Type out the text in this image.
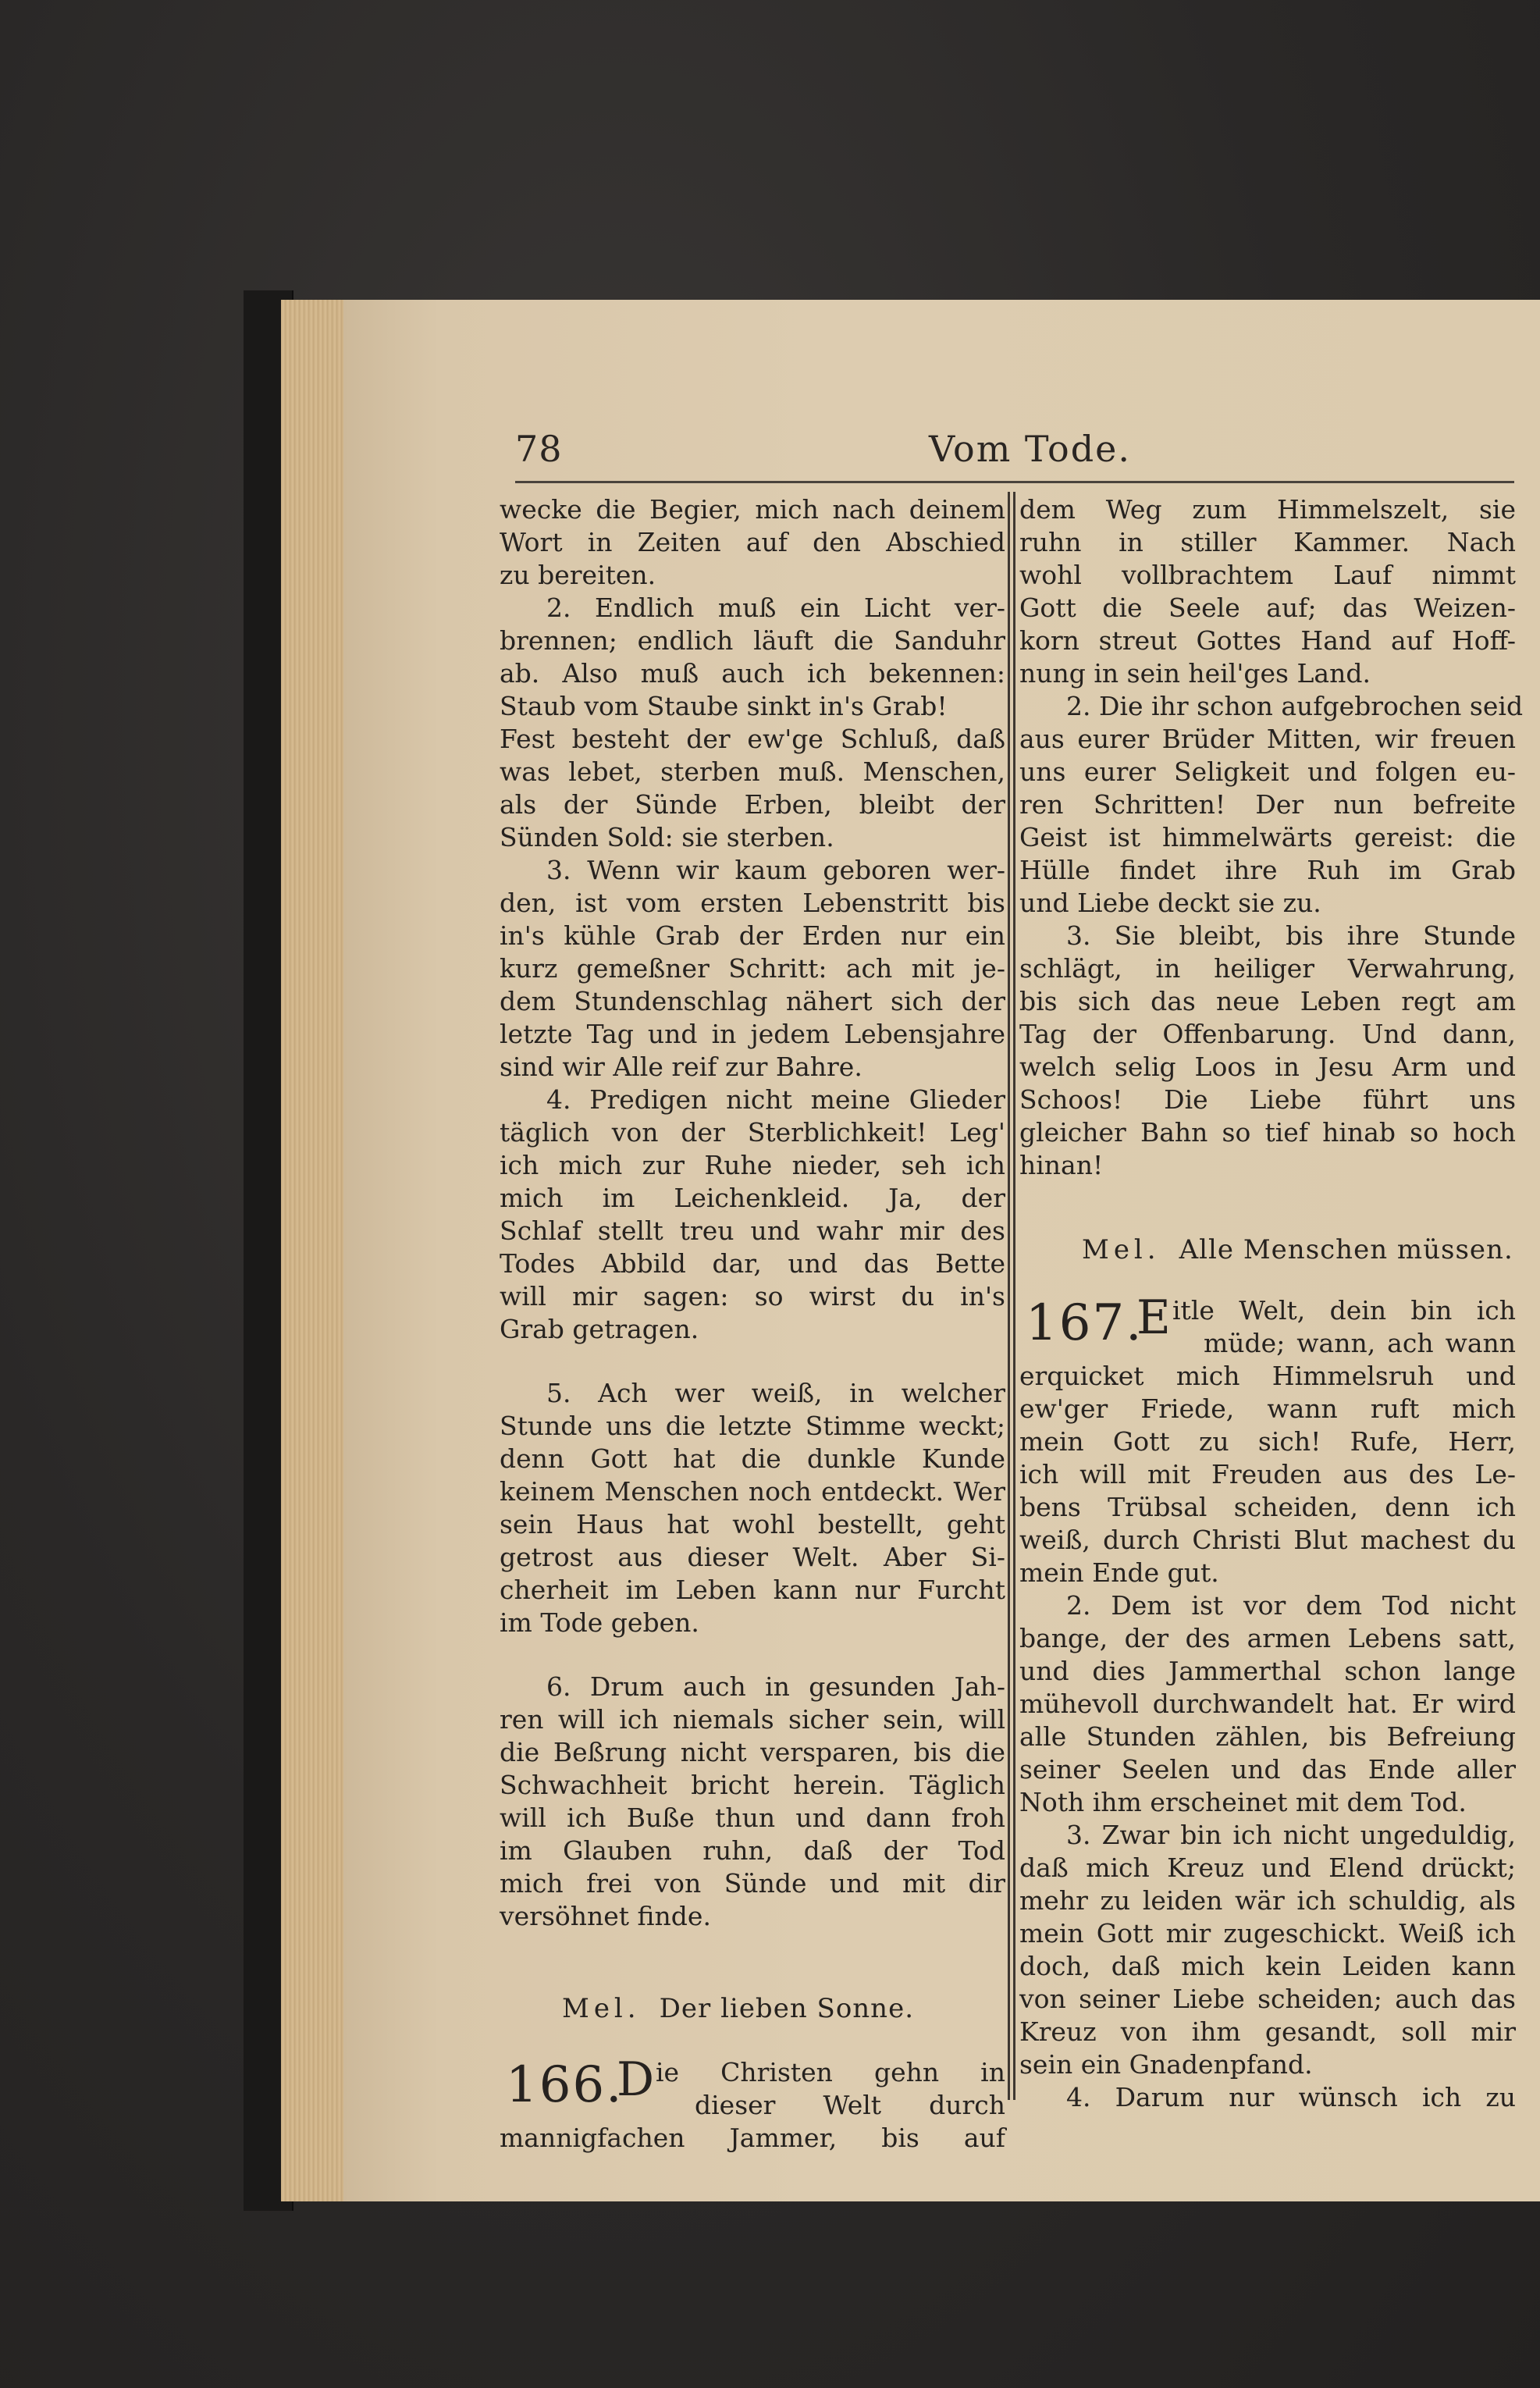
78	Vom Tode.
wecke die Begier, mich nach deinem
Wort in Zeiten auf den Abschied
zu bereiten.
2. Endlich muß ein Licht ver-
brennen; endlich läuft die Sanduhr
ab. Also muß auch ich bekennen:
Staub vom Staube sinkt in's Grab!
Fest besteht der ew'ge Schluß, daß
was lebet, sterben muß. Menschen,
als der Sünde Erben, bleibt der
Sünden Sold: sie sterben.
3. Wenn wir kaum geboren wer-
den, ist vom ersten Lebenstritt bis
in's kühle Grab der Erden nur ein
kurz gemeßner Schritt: ach mit je-
dem Stundenschlag nähert sich der
letzte Tag und in jedem Lebensjahre
sind wir Alle reif zur Bahre.
4. Predigen nicht meine Glieder
täglich von der Sterblichkeit! Leg'
ich mich zur Ruhe nieder, seh ich
mich im Leichenkleid. Ja, der
Schlaf stellt treu und wahr mir des
Todes Abbild dar, und das Bette
will mir sagen: so wirst du in's
Grab getragen.
5. Ach wer weiß, in welcher
Stunde uns die letzte Stimme weckt;
denn Gott hat die dunkle Kunde
keinem Menschen noch entdeckt. Wer
sein Haus hat wohl bestellt, geht
getrost aus dieser Welt. Aber Si-
cherheit im Leben kann nur Furcht
im Tode geben.
6. Drum auch in gesunden Jah-
ren will ich niemals sicher sein, will
die Beßrung nicht versparen, bis die
Schwachheit bricht herein. Täglich
will ich Buße thun und dann froh
im Glauben ruhn, daß der Tod
mich frei von Sünde und mit dir
versöhnet finde.
Mel. Der lieben Sonne.
166.
D ie Christen gehn in
dieser Welt durch
mannigfachen Jammer, bis auf
dem Weg zum Himmelszelt, sie
ruhn in stiller Kammer. Nach
wohl vollbrachtem Lauf nimmt
Gott die Seele auf; das Weizen-
korn streut Gottes Hand auf Hoff-
nung in sein heil'ges Land.
2. Die ihr schon aufgebrochen seid
aus eurer Brüder Mitten, wir freuen
uns eurer Seligkeit und folgen eu-
ren Schritten! Der nun befreite
Geist ist himmelwärts gereist: die
Hülle findet ihre Ruh im Grab
und Liebe deckt sie zu.
3. Sie bleibt, bis ihre Stunde
schlägt, in heiliger Verwahrung,
bis sich das neue Leben regt am
Tag der Offenbarung. Und dann,
welch selig Loos in Jesu Arm und
Schoos! Die Liebe führt uns
gleicher Bahn so tief hinab so hoch
hinan!
Mel. Alle Menschen müssen.
167.
E itle Welt, dein bin ich
müde; wann, ach wann
erquicket mich Himmelsruh und
ew'ger Friede, wann ruft mich
mein Gott zu sich! Rufe, Herr,
ich will mit Freuden aus des Le-
bens Trübsal scheiden, denn ich
weiß, durch Christi Blut machest du
mein Ende gut.
2. Dem ist vor dem Tod nicht
bange, der des armen Lebens satt,
und dies Jammerthal schon lange
mühevoll durchwandelt hat. Er wird
alle Stunden zählen, bis Befreiung
seiner Seelen und das Ende aller
Noth ihm erscheinet mit dem Tod.
3. Zwar bin ich nicht ungeduldig,
daß mich Kreuz und Elend drückt;
mehr zu leiden wär ich schuldig, als
mein Gott mir zugeschickt. Weiß ich
doch, daß mich kein Leiden kann
von seiner Liebe scheiden; auch das
Kreuz von ihm gesandt, soll mir
sein ein Gnadenpfand.
4. Darum nur wünsch ich zu
